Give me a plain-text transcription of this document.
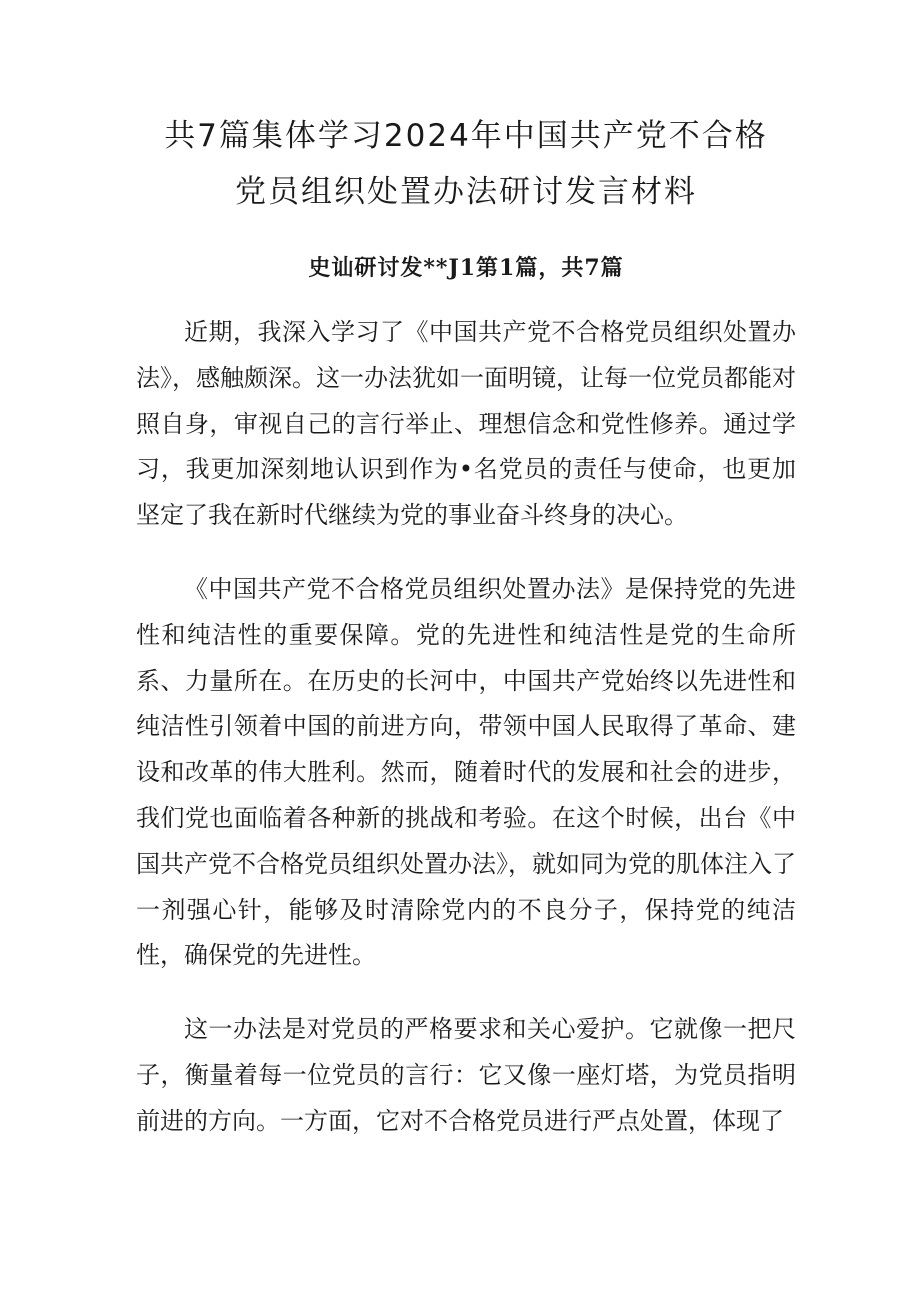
共7篇集体学习2024年中国共产党不合格
党员组织处置办法研讨发言材料
史讪研讨发**J1第1篇，共7篇

近期，我深入学习了《中国共产党不合格党员组织处置办法》，感触颇深。这一办法犹如一面明镜，让每一位党员都能对照自身，审视自己的言行举止、理想信念和党性修养。通过学习，我更加深刻地认识到作为•名党员的责任与使命，也更加坚定了我在新时代继续为党的事业奋斗终身的决心。

《中国共产党不合格党员组织处置办法》是保持党的先进性和纯洁性的重要保障。党的先进性和纯洁性是党的生命所系、力量所在。在历史的长河中，中国共产党始终以先进性和纯洁性引领着中国的前进方向，带领中国人民取得了革命、建设和改革的伟大胜利。然而，随着时代的发展和社会的进步，我们党也面临着各种新的挑战和考验。在这个时候，出台《中国共产党不合格党员组织处置办法》，就如同为党的肌体注入了一剂强心针，能够及时清除党内的不良分子，保持党的纯洁性，确保党的先进性。

这一办法是对党员的严格要求和关心爱护。它就像一把尺子，衡量着每一位党员的言行：它又像一座灯塔，为党员指明前进的方向。一方面，它对不合格党员进行严点处置，体现了
